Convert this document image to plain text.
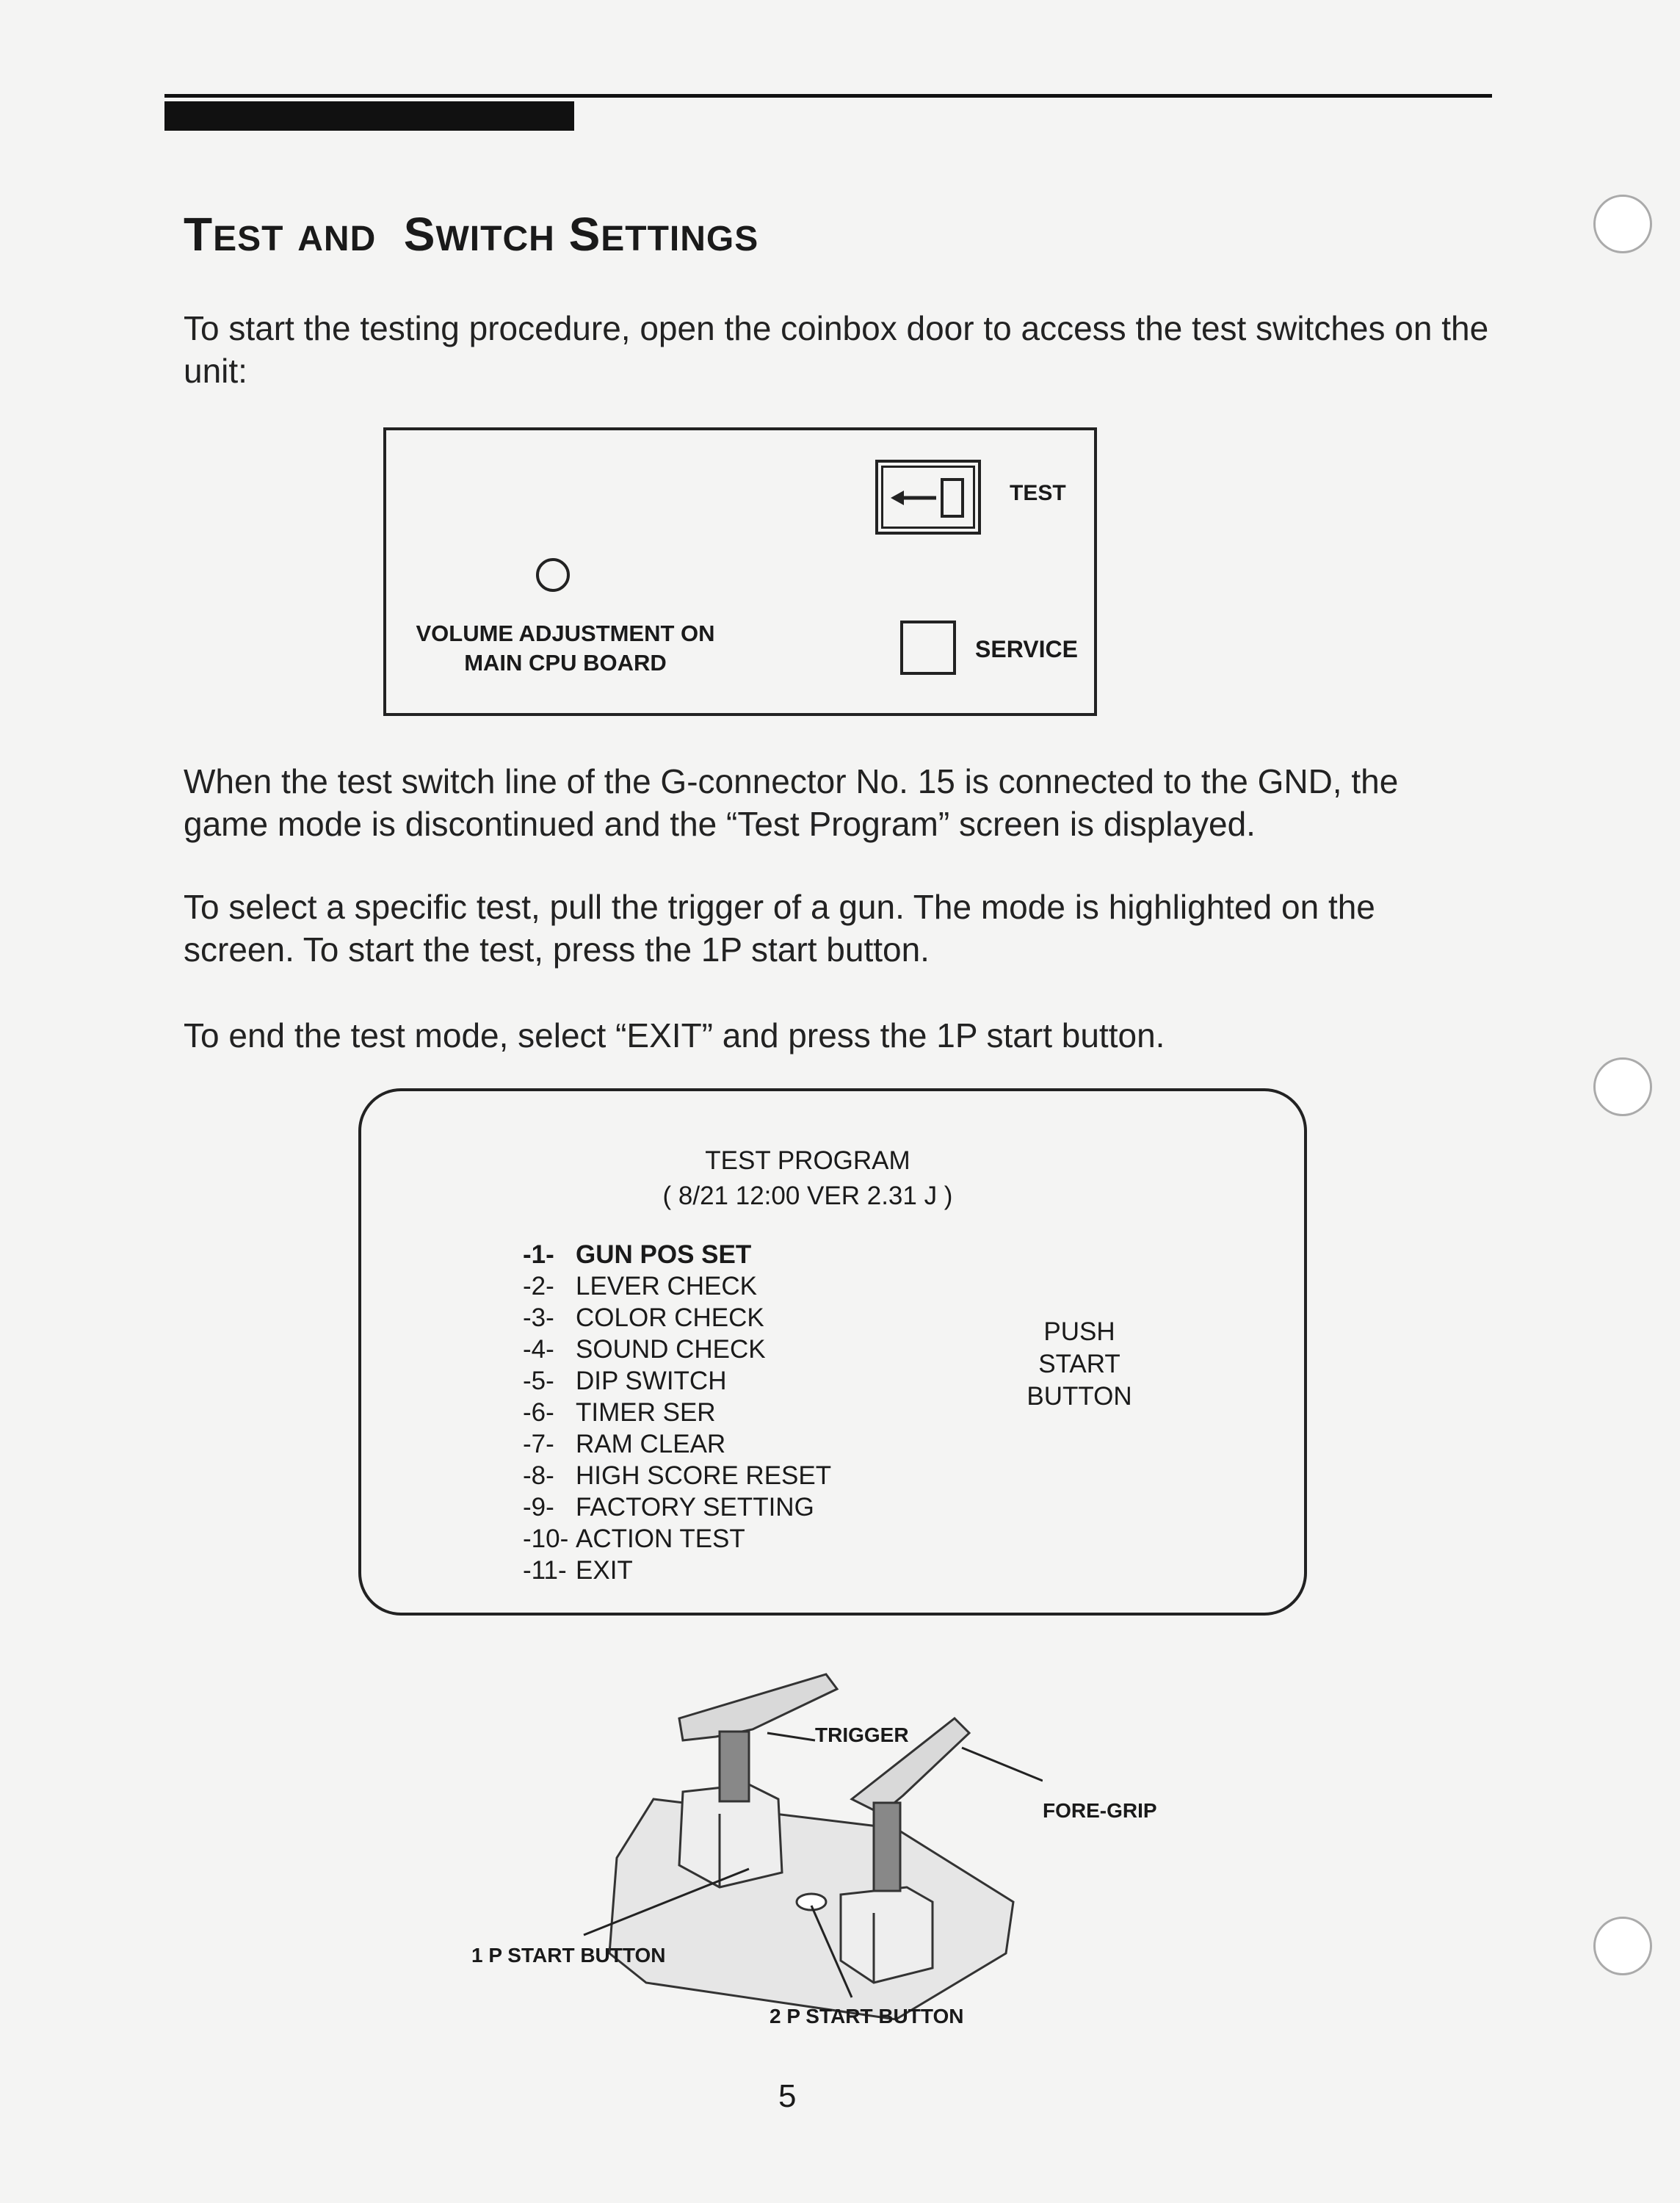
TEST AND SWITCH SETTINGS
To start the testing procedure, open the coinbox door to access the test switches on the unit:
VOLUME ADJUSTMENT ON
MAIN CPU BOARD
TEST
SERVICE
When the test switch line of the G-connector No. 15 is connected to the GND, the game mode is discontinued and the “Test Program” screen is displayed.
To select a specific test, pull the trigger of a gun. The mode is highlighted on the screen. To start the test, press the 1P start button.
To end the test mode, select “EXIT” and press the 1P start button.
TEST PROGRAM
( 8/21 12:00 VER 2.31 J )
-1- GUN POS SET
-2- LEVER CHECK
-3- COLOR CHECK
-4- SOUND CHECK
-5- DIP SWITCH
-6- TIMER SER
-7- RAM CLEAR
-8- HIGH SCORE RESET
-9- FACTORY SETTING
-10- ACTION TEST
-11- EXIT
PUSH
START BUTTON
TRIGGER
FORE-GRIP
1 P START BUTTON
2 P START BUTTON
5
